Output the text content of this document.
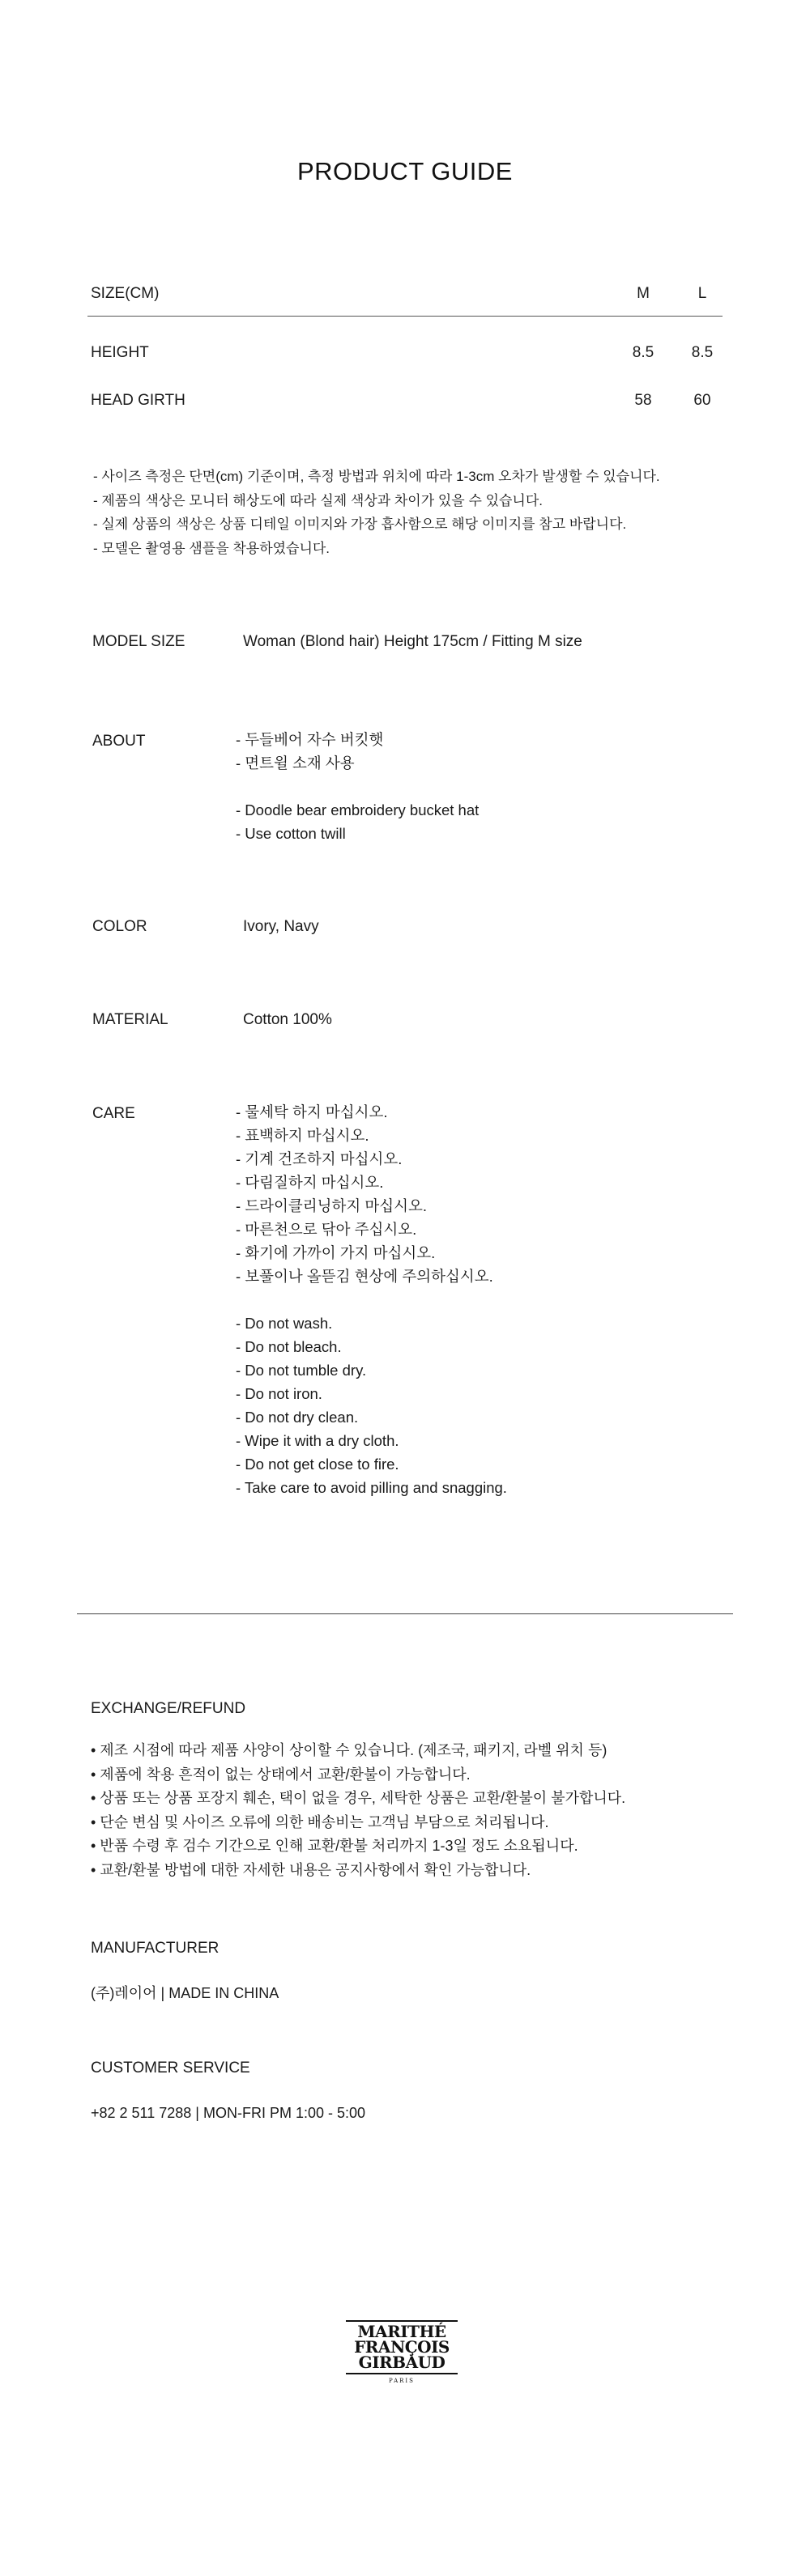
PRODUCT GUIDE
SIZE(CM)	M	L
HEIGHT	8.5	8.5
HEAD GIRTH	58	60
- 사이즈 측정은 단면(cm) 기준이며, 측정 방법과 위치에 따라 1-3cm 오차가 발생할 수 있습니다.
- 제품의 색상은 모니터 해상도에 따라 실제 색상과 차이가 있을 수 있습니다.
- 실제 상품의 색상은 상품 디테일 이미지와 가장 흡사함으로 해당 이미지를 참고 바랍니다.
- 모델은 촬영용 샘플을 착용하였습니다.
MODEL SIZE	Woman (Blond hair) Height 175cm / Fitting M size
ABOUT	- 두들베어 자수 버킷햇
- 면트윌 소재 사용
- Doodle bear embroidery bucket hat
- Use cotton twill
COLOR	Ivory, Navy
MATERIAL	Cotton 100%
CARE	- 물세탁 하지 마십시오.
- 표백하지 마십시오.
- 기계 건조하지 마십시오.
- 다림질하지 마십시오.
- 드라이클리닝하지 마십시오.
- 마른천으로 닦아 주십시오.
- 화기에 가까이 가지 마십시오.
- 보풀이나 올뜯김 현상에 주의하십시오.
- Do not wash.
- Do not bleach.
- Do not tumble dry.
- Do not iron.
- Do not dry clean.
- Wipe it with a dry cloth.
- Do not get close to fire.
- Take care to avoid pilling and snagging.
EXCHANGE/REFUND
• 제조 시점에 따라 제품 사양이 상이할 수 있습니다. (제조국, 패키지, 라벨 위치 등)
• 제품에 착용 흔적이 없는 상태에서 교환/환불이 가능합니다.
• 상품 또는 상품 포장지 훼손, 택이 없을 경우, 세탁한 상품은 교환/환불이 불가합니다.
• 단순 변심 및 사이즈 오류에 의한 배송비는 고객님 부담으로 처리됩니다.
• 반품 수령 후 검수 기간으로 인해 교환/환불 처리까지 1-3일 정도 소요됩니다.
• 교환/환불 방법에 대한 자세한 내용은 공지사항에서 확인 가능합니다.
MANUFACTURER
(주)레이어 | MADE IN CHINA
CUSTOMER SERVICE
+82 2 511 7288 | MON-FRI PM 1:00 - 5:00
MARITHÉ
FRANÇOIS
GIRBAUD
PARIS
